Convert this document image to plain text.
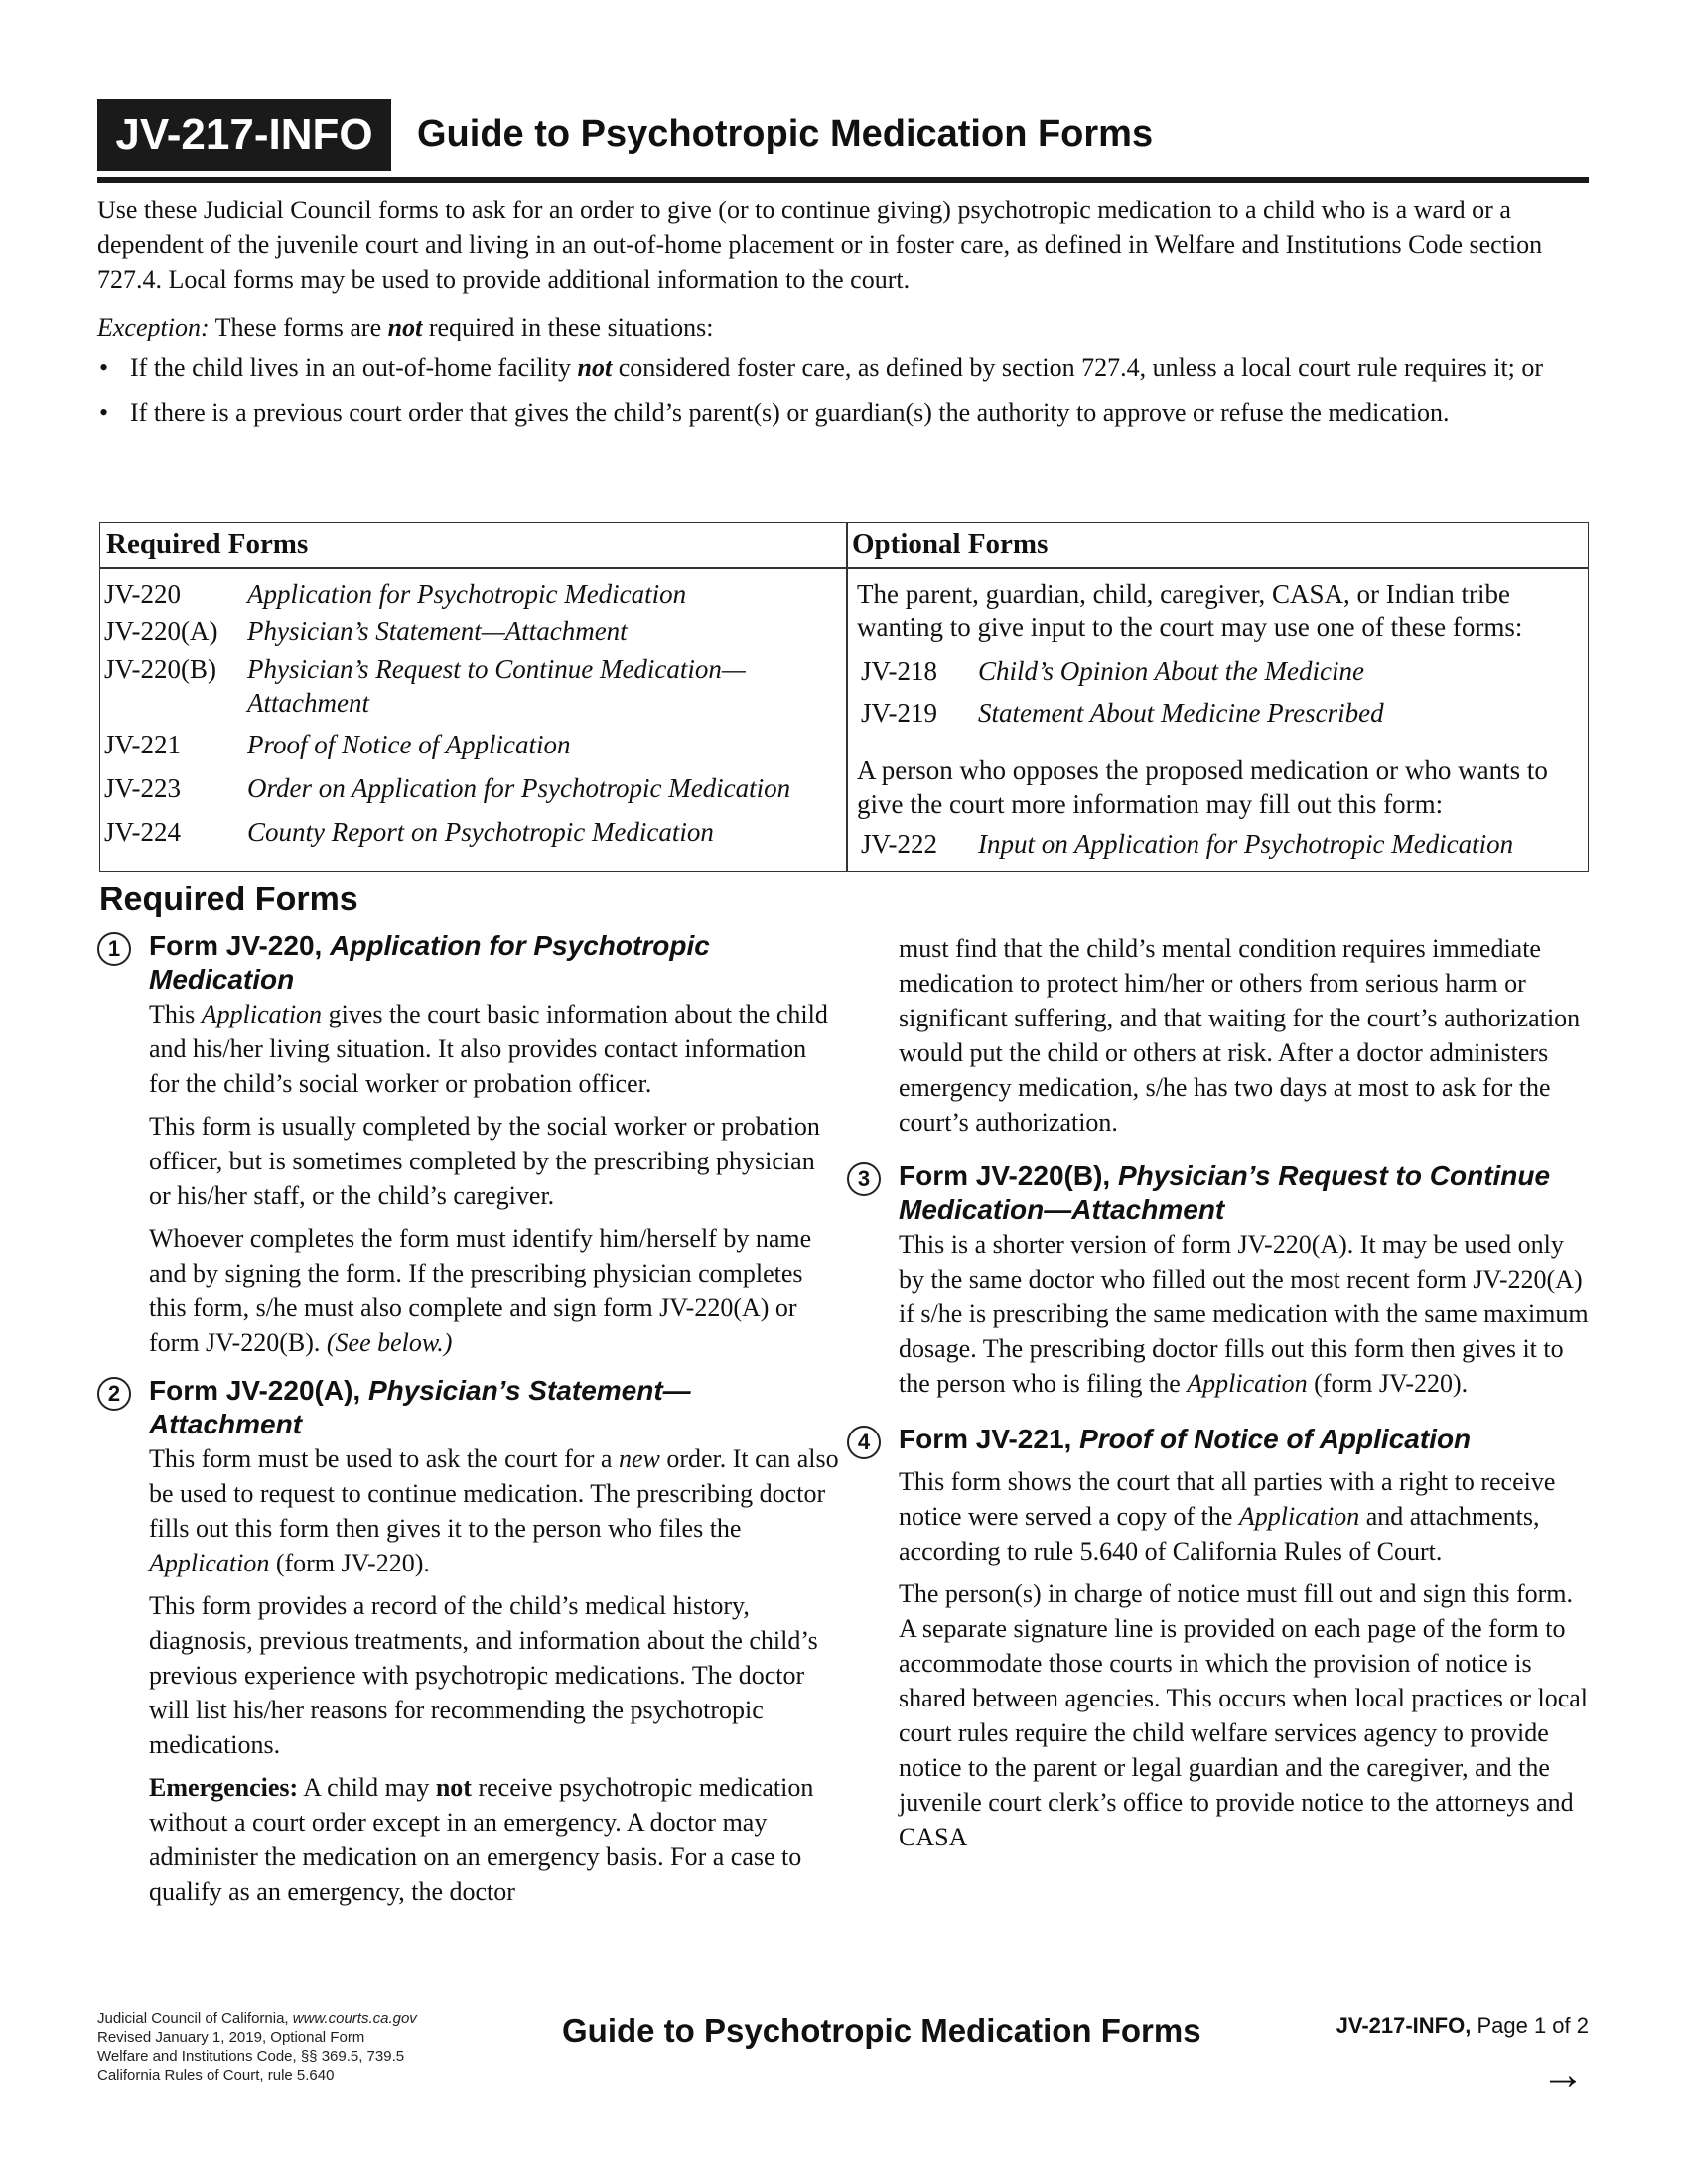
JV-217-INFO	Guide to Psychotropic Medication Forms

Use these Judicial Council forms to ask for an order to give (or to continue giving) psychotropic medication to a child who is a ward or a dependent of the juvenile court and living in an out-of-home placement or in foster care, as defined in Welfare and Institutions Code section 727.4. Local forms may be used to provide additional information to the court.

Exception: These forms are not required in these situations:

• If the child lives in an out-of-home facility not considered foster care, as defined by section 727.4, unless a local court rule requires it; or
• If there is a previous court order that gives the child’s parent(s) or guardian(s) the authority to approve or refuse the medication.
Required Forms	Optional Forms
JV-220	Application for Psychotropic Medication
JV-220(A)	Physician’s Statement—Attachment
JV-220(B)	Physician’s Request to Continue Medication—Attachment
JV-221	Proof of Notice of Application
JV-223	Order on Application for Psychotropic Medication
JV-224	County Report on Psychotropic Medication
The parent, guardian, child, caregiver, CASA, or Indian tribe wanting to give input to the court may use one of these forms:
JV-218	Child’s Opinion About the Medicine
JV-219	Statement About Medicine Prescribed
A person who opposes the proposed medication or who wants to give the court more information may fill out this form:
JV-222	Input on Application for Psychotropic Medication
Required Forms

1	Form JV-220, Application for Psychotropic Medication

This Application gives the court basic information about the child and his/her living situation. It also provides contact information for the child’s social worker or probation officer.

This form is usually completed by the social worker or probation officer, but is sometimes completed by the prescribing physician or his/her staff, or the child’s caregiver.

Whoever completes the form must identify him/herself by name and by signing the form. If the prescribing physician completes this form, s/he must also complete and sign form JV-220(A) or form JV-220(B). (See below.)

2	Form JV-220(A), Physician’s Statement—Attachment

This form must be used to ask the court for a new order. It can also be used to request to continue medication. The prescribing doctor fills out this form then gives it to the person who files the Application (form JV-220).

This form provides a record of the child’s medical history, diagnosis, previous treatments, and information about the child’s previous experience with psychotropic medications. The doctor will list his/her reasons for recommending the psychotropic medications.

Emergencies: A child may not receive psychotropic medication without a court order except in an emergency. A doctor may administer the medication on an emergency basis. For a case to qualify as an emergency, the doctor

must find that the child’s mental condition requires immediate medication to protect him/her or others from serious harm or significant suffering, and that waiting for the court’s authorization would put the child or others at risk. After a doctor administers emergency medication, s/he has two days at most to ask for the court’s authorization.

3	Form JV-220(B), Physician’s Request to Continue Medication—Attachment

This is a shorter version of form JV-220(A). It may be used only by the same doctor who filled out the most recent form JV-220(A) if s/he is prescribing the same medication with the same maximum dosage. The prescribing doctor fills out this form then gives it to the person who is filing the Application (form JV-220).

4	Form JV-221, Proof of Notice of Application

This form shows the court that all parties with a right to receive notice were served a copy of the Application and attachments, according to rule 5.640 of California Rules of Court.

The person(s) in charge of notice must fill out and sign this form. A separate signature line is provided on each page of the form to accommodate those courts in which the provision of notice is shared between agencies. This occurs when local practices or local court rules require the child welfare services agency to provide notice to the parent or legal guardian and the caregiver, and the juvenile court clerk’s office to provide notice to the attorneys and CASA

Judicial Council of California, www.courts.ca.gov
Revised January 1, 2019, Optional Form
Welfare and Institutions Code, §§ 369.5, 739.5
California Rules of Court, rule 5.640
Guide to Psychotropic Medication Forms	JV-217-INFO, Page 1 of 2
→
